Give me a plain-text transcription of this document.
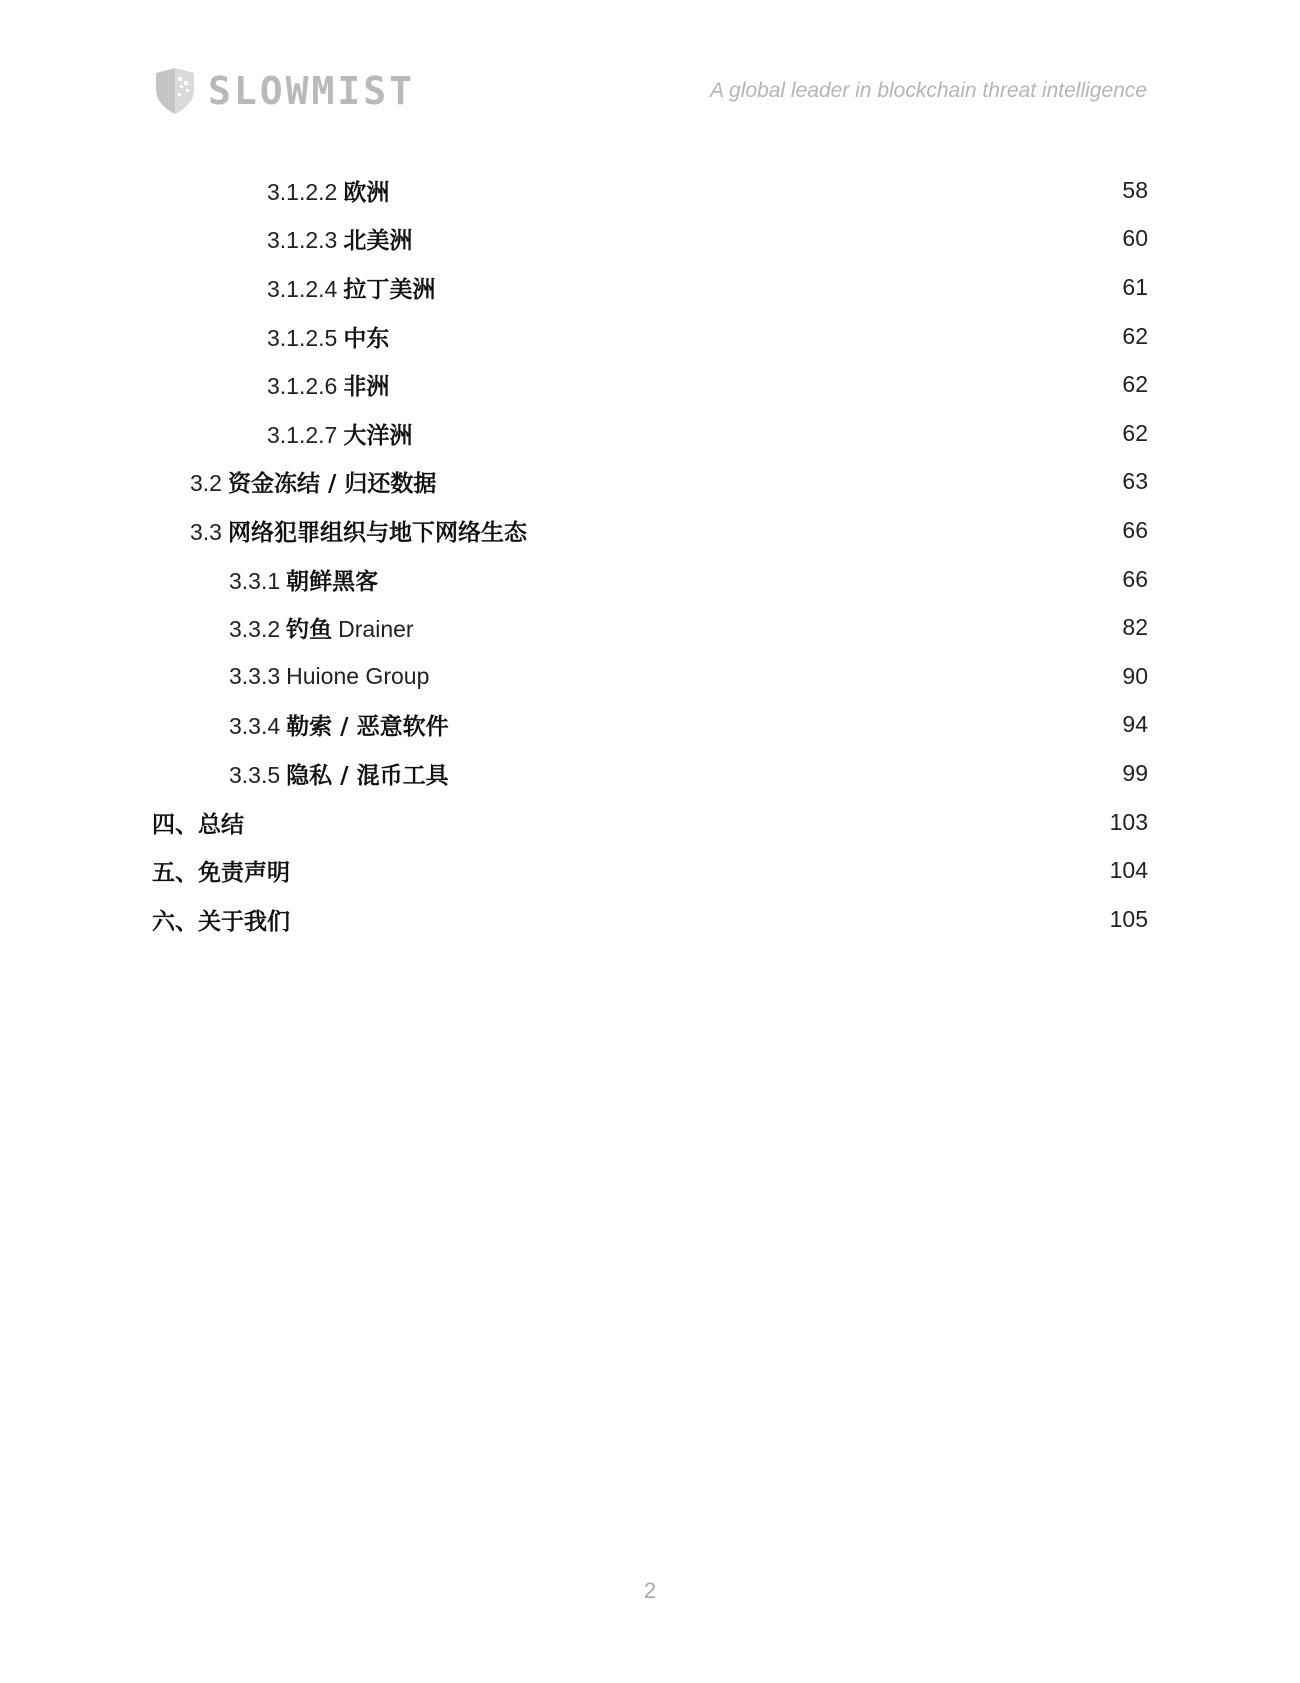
SLOWMIST	A global leader in blockchain threat intelligence
3.1.2.2 欧洲	58
3.1.2.3 北美洲	60
3.1.2.4 拉丁美洲	61
3.1.2.5 中东	62
3.1.2.6 非洲	62
3.1.2.7 大洋洲	62
3.2 资金冻结 / 归还数据	63
3.3 网络犯罪组织与地下网络生态	66
3.3.1 朝鲜黑客	66
3.3.2 钓鱼 Drainer	82
3.3.3 Huione Group	90
3.3.4 勒索 / 恶意软件	94
3.3.5 隐私 / 混币工具	99
四、总结	103
五、免责声明	104
六、关于我们	105
2
